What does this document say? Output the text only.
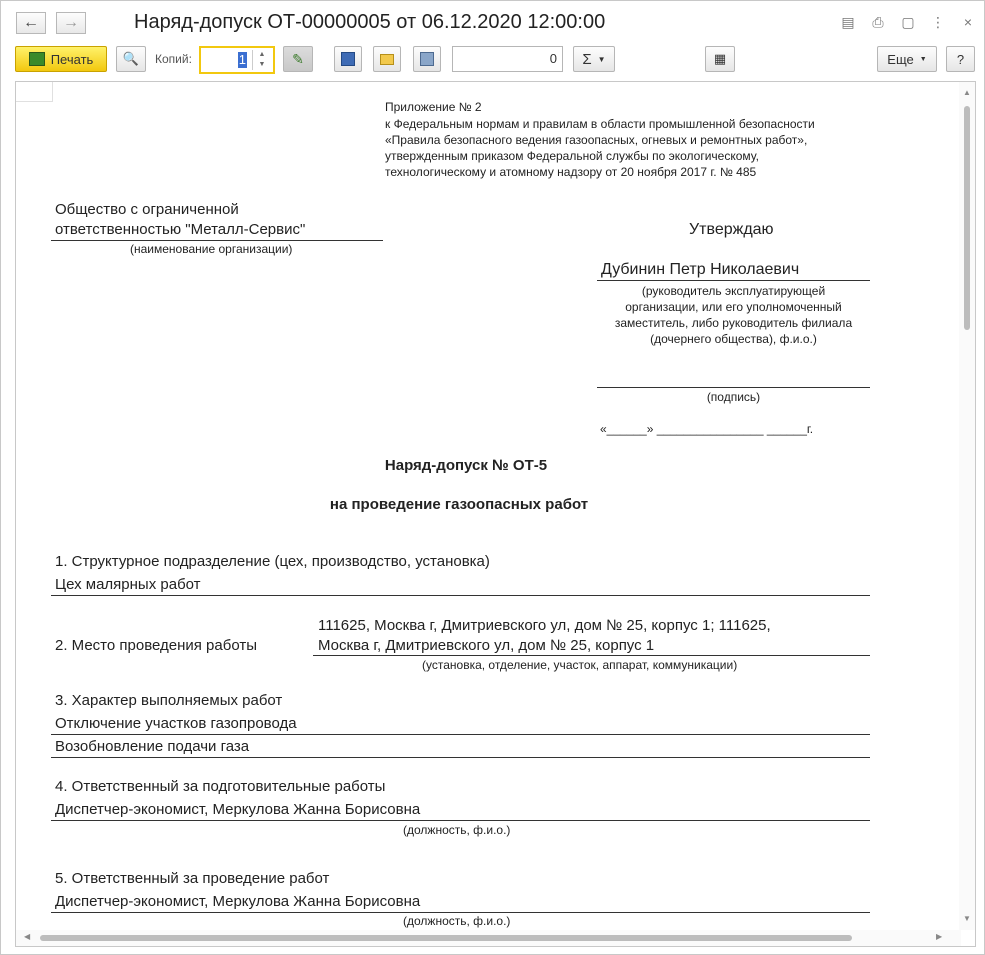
← →	Наряд-допуск ОТ-00000005 от 06.12.2020 12:00:00	▤ ⎙ ▢ ⋮	×
Печать 🔍 Копий:	1	▲
▼	✎	0	Σ ▼	▦	Еще ▼ ?
Приложение № 2
к Федеральным нормам и правилам в области промышленной безопасности
«Правила безопасного ведения газоопасных, огневых и ремонтных работ»,
утвержденным приказом Федеральной службы по экологическому,
технологическому и атомному надзору от 20 ноября 2017 г. № 485
Общество с ограниченной
ответственностью "Металл-Сервис"
(наименование организации)
Утверждаю
Дубинин Петр Николаевич
(руководитель эксплуатирующей
организации, или его уполномоченный
заместитель, либо руководитель филиала
(дочернего общества), ф.и.о.)
(подпись)
«______» ________________ ______г.
Наряд-допуск № ОТ-5
на проведение газоопасных работ
1. Структурное подразделение (цех, производство, установка)
Цех малярных работ
2. Место проведения работы
111625, Москва г, Дмитриевского ул, дом № 25, корпус 1; 111625,
Москва г, Дмитриевского ул, дом № 25, корпус 1
(установка, отделение, участок, аппарат, коммуникации)
3. Характер выполняемых работ
Отключение участков газопровода
Возобновление подачи газа
4. Ответственный за подготовительные работы
Диспетчер-экономист, Меркулова Жанна Борисовна
(должность, ф.и.о.)
5. Ответственный за проведение работ
Диспетчер-экономист, Меркулова Жанна Борисовна
(должность, ф.и.о.)
▲
▼
◀	▶
